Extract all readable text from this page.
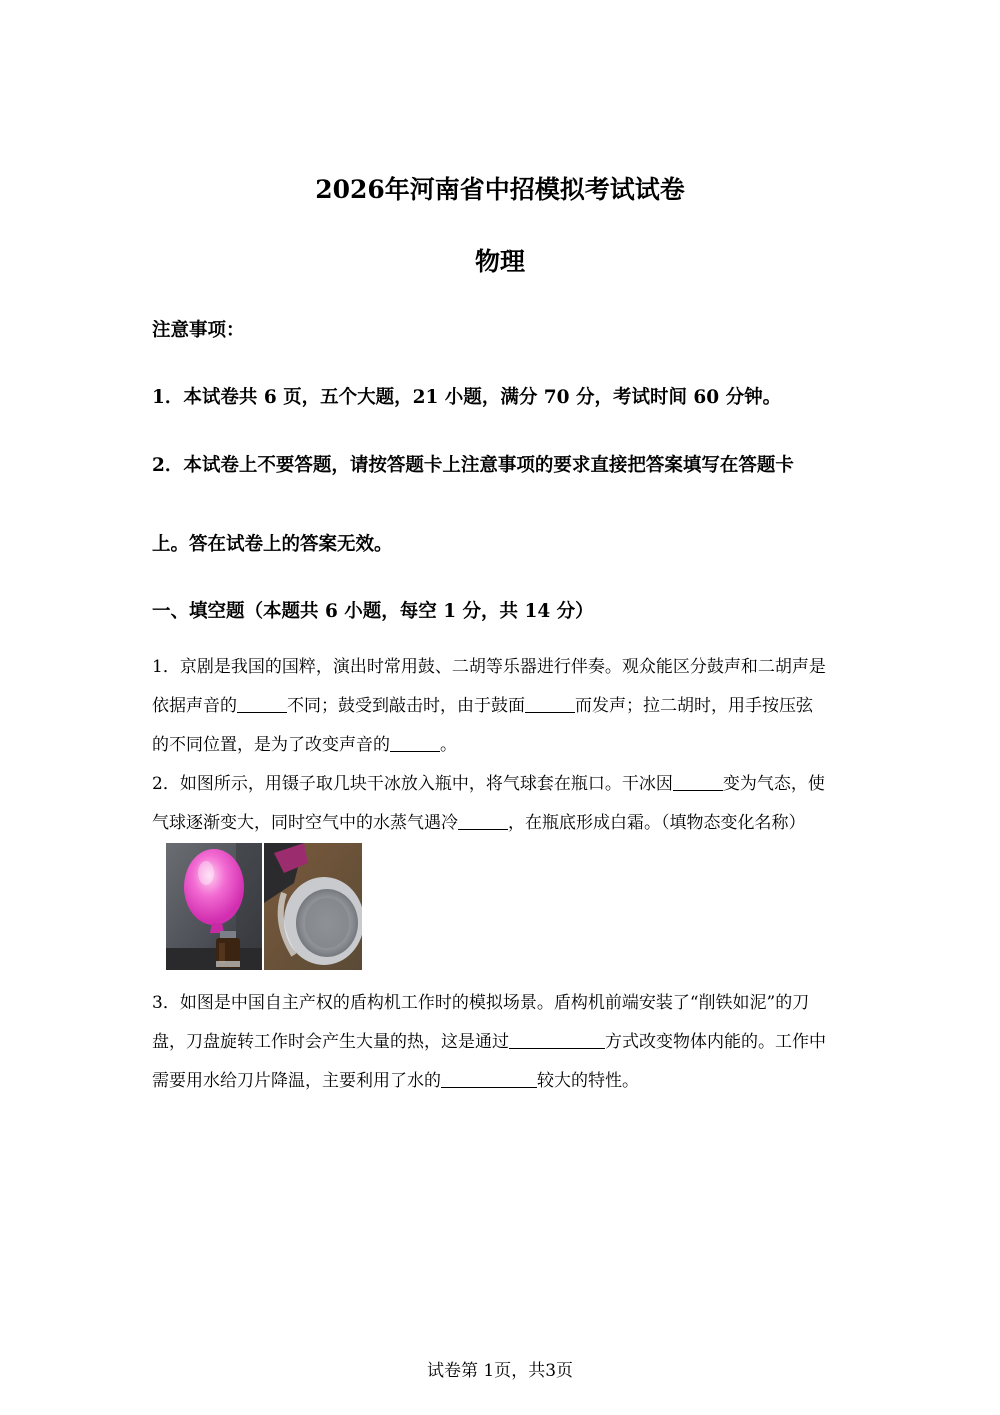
2026年河南省中招模拟考试试卷
物理
注意事项：
1．本试卷共 6 页，五个大题，21 小题，满分 70 分，考试时间 60 分钟。
2．本试卷上不要答题，请按答题卡上注意事项的要求直接把答案填写在答题卡
上。答在试卷上的答案无效。
一、填空题（本题共 6 小题，每空 1 分，共 14 分）
1．京剧是我国的国粹，演出时常用鼓、二胡等乐器进行伴奏。观众能区分鼓声和二胡声是
依据声音的	不同；鼓受到敲击时，由于鼓面	而发声；拉二胡时，用手按压弦
的不同位置，是为了改变声音的	。
2．如图所示，用镊子取几块干冰放入瓶中，将气球套在瓶口。干冰因	变为气态，使
气球逐渐变大，同时空气中的水蒸气遇冷	，在瓶底形成白霜。（填物态变化名称）
3．如图是中国自主产权的盾构机工作时的模拟场景。盾构机前端安装了“削铁如泥”的刀
盘，刀盘旋转工作时会产生大量的热，这是通过	方式改变物体内能的。工作中
需要用水给刀片降温，主要利用了水的	较大的特性。
试卷第 1页，共3页
